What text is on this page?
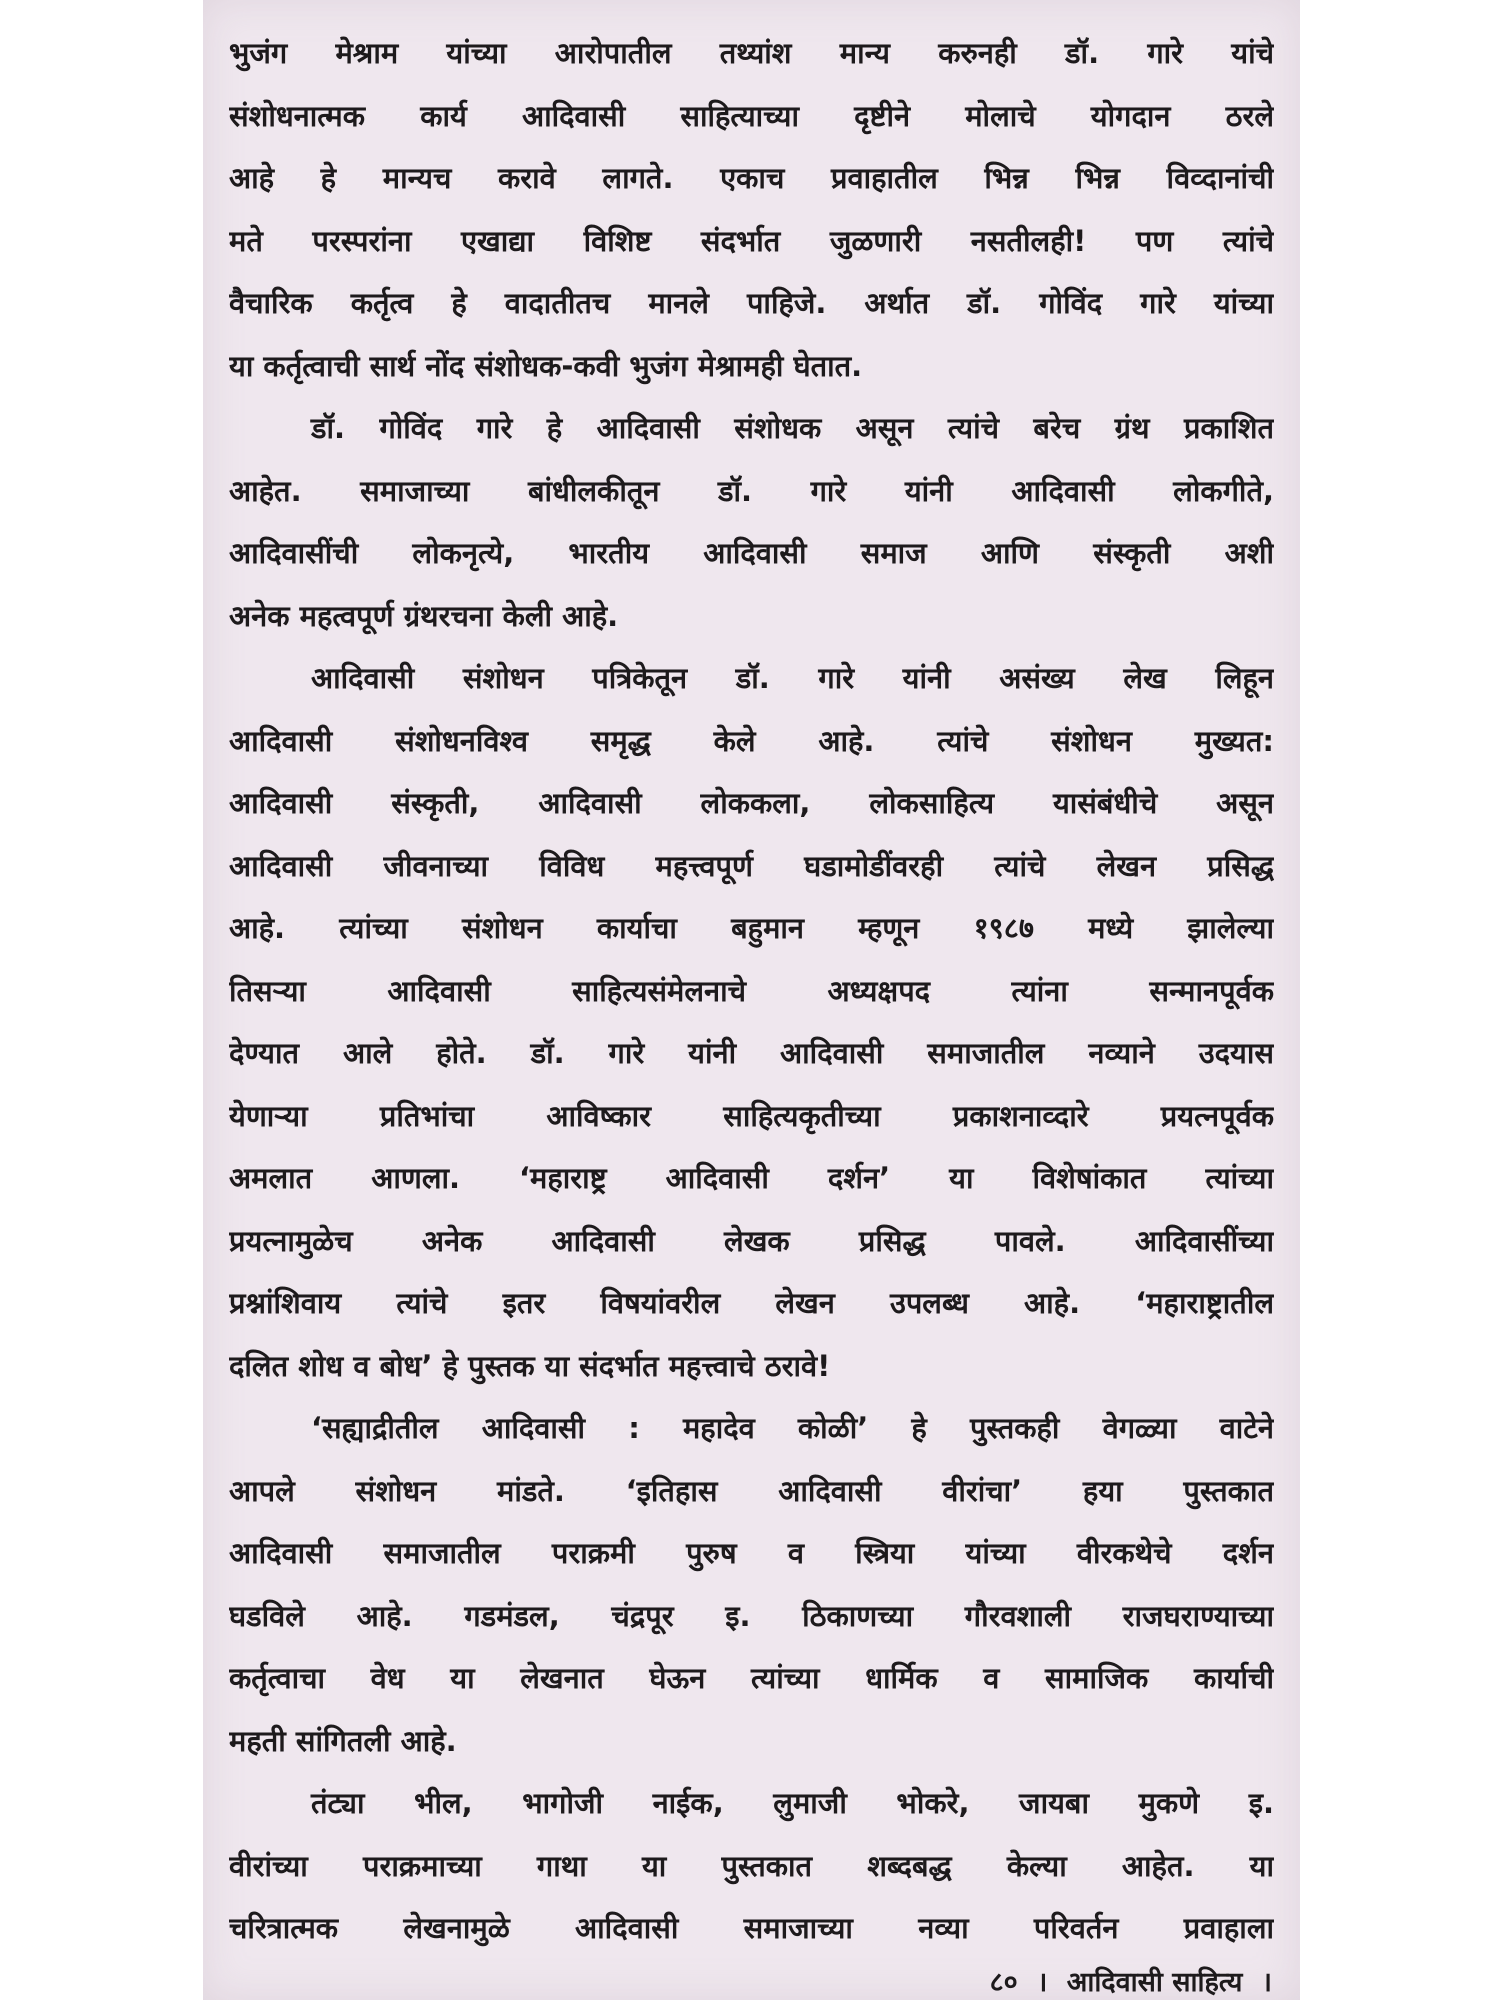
भुजंग मेश्राम यांच्या आरोपातील तथ्यांश मान्य करुनही डॉ. गारे यांचे
संशोधनात्मक कार्य आदिवासी साहित्याच्या दृष्टीने मोलाचे योगदान ठरले
आहे हे मान्यच करावे लागते. एकाच प्रवाहातील भिन्न भिन्न विव्दानांची
मते परस्परांना एखाद्या विशिष्ट संदर्भात जुळणारी नसतीलही! पण त्यांचे
वैचारिक कर्तृत्व हे वादातीतच मानले पाहिजे. अर्थात डॉ. गोविंद गारे यांच्या
या कर्तृत्वाची सार्थ नोंद संशोधक-कवी भुजंग मेश्रामही घेतात.
डॉ. गोविंद गारे हे आदिवासी संशोधक असून त्यांचे बरेच ग्रंथ प्रकाशित
आहेत. समाजाच्या बांधीलकीतून डॉ. गारे यांनी आदिवासी लोकगीते,
आदिवासींची लोकनृत्ये, भारतीय आदिवासी समाज आणि संस्कृती अशी
अनेक महत्वपूर्ण ग्रंथरचना केली आहे.
आदिवासी संशोधन पत्रिकेतून डॉ. गारे यांनी असंख्य लेख लिहून
आदिवासी संशोधनविश्व समृद्ध केले आहे. त्यांचे संशोधन मुख्यत:
आदिवासी संस्कृती, आदिवासी लोककला, लोकसाहित्य यासंबंधीचे असून
आदिवासी जीवनाच्या विविध महत्त्वपूर्ण घडामोडींवरही त्यांचे लेखन प्रसिद्ध
आहे. त्यांच्या संशोधन कार्याचा बहुमान म्हणून १९८७ मध्ये झालेल्या
तिसऱ्या आदिवासी साहित्यसंमेलनाचे अध्यक्षपद त्यांना सन्मानपूर्वक
देण्यात आले होते. डॉ. गारे यांनी आदिवासी समाजातील नव्याने उदयास
येणाऱ्या प्रतिभांचा आविष्कार साहित्यकृतीच्या प्रकाशनाव्दारे प्रयत्नपूर्वक
अमलात आणला. ‘महाराष्ट्र आदिवासी दर्शन’ या विशेषांकात त्यांच्या
प्रयत्नामुळेच अनेक आदिवासी लेखक प्रसिद्ध पावले. आदिवासींच्या
प्रश्नांशिवाय त्यांचे इतर विषयांवरील लेखन उपलब्ध आहे. ‘महाराष्ट्रातील
दलित शोध व बोध’ हे पुस्तक या संदर्भात महत्त्वाचे ठरावे!
‘सह्याद्रीतील आदिवासी : महादेव कोळी’ हे पुस्तकही वेगळ्या वाटेने
आपले संशोधन मांडते. ‘इतिहास आदिवासी वीरांचा’ हया पुस्तकात
आदिवासी समाजातील पराक्रमी पुरुष व स्त्रिया यांच्या वीरकथेचे दर्शन
घडविले आहे. गडमंडल, चंद्रपूर इ. ठिकाणच्या गौरवशाली राजघराण्याच्या
कर्तृत्वाचा वेध या लेखनात घेऊन त्यांच्या धार्मिक व सामाजिक कार्याची
महती सांगितली आहे.
तंट्या भील, भागोजी नाईक, लुमाजी भोकरे, जायबा मुकणे इ.
वीरांच्या पराक्रमाच्या गाथा या पुस्तकात शब्दबद्ध केल्या आहेत. या
चरित्रात्मक लेखनामुळे आदिवासी समाजाच्या नव्या परिवर्तन प्रवाहाला
८० । आदिवासी साहित्य ।
